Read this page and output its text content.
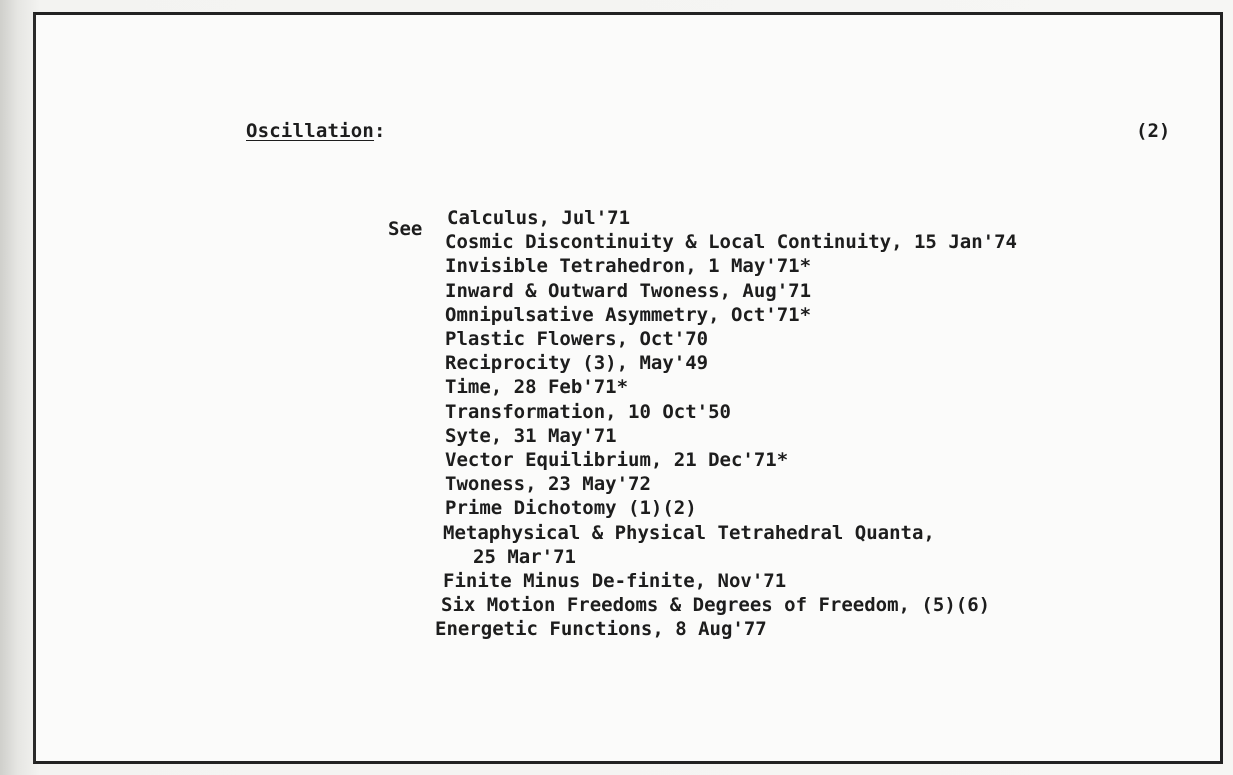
Oscillation:	(2)
See Calculus, Jul'71
Cosmic Discontinuity & Local Continuity, 15 Jan'74
Invisible Tetrahedron, 1 May'71*
Inward & Outward Twoness, Aug'71
Omnipulsative Asymmetry, Oct'71*
Plastic Flowers, Oct'70
Reciprocity (3), May'49
Time, 28 Feb'71*
Transformation, 10 Oct'50
Syte, 31 May'71
Vector Equilibrium, 21 Dec'71*
Twoness, 23 May'72
Prime Dichotomy (1)(2)
Metaphysical & Physical Tetrahedral Quanta,
25 Mar'71
Finite Minus De-finite, Nov'71
Six Motion Freedoms & Degrees of Freedom, (5)(6)
Energetic Functions, 8 Aug'77
